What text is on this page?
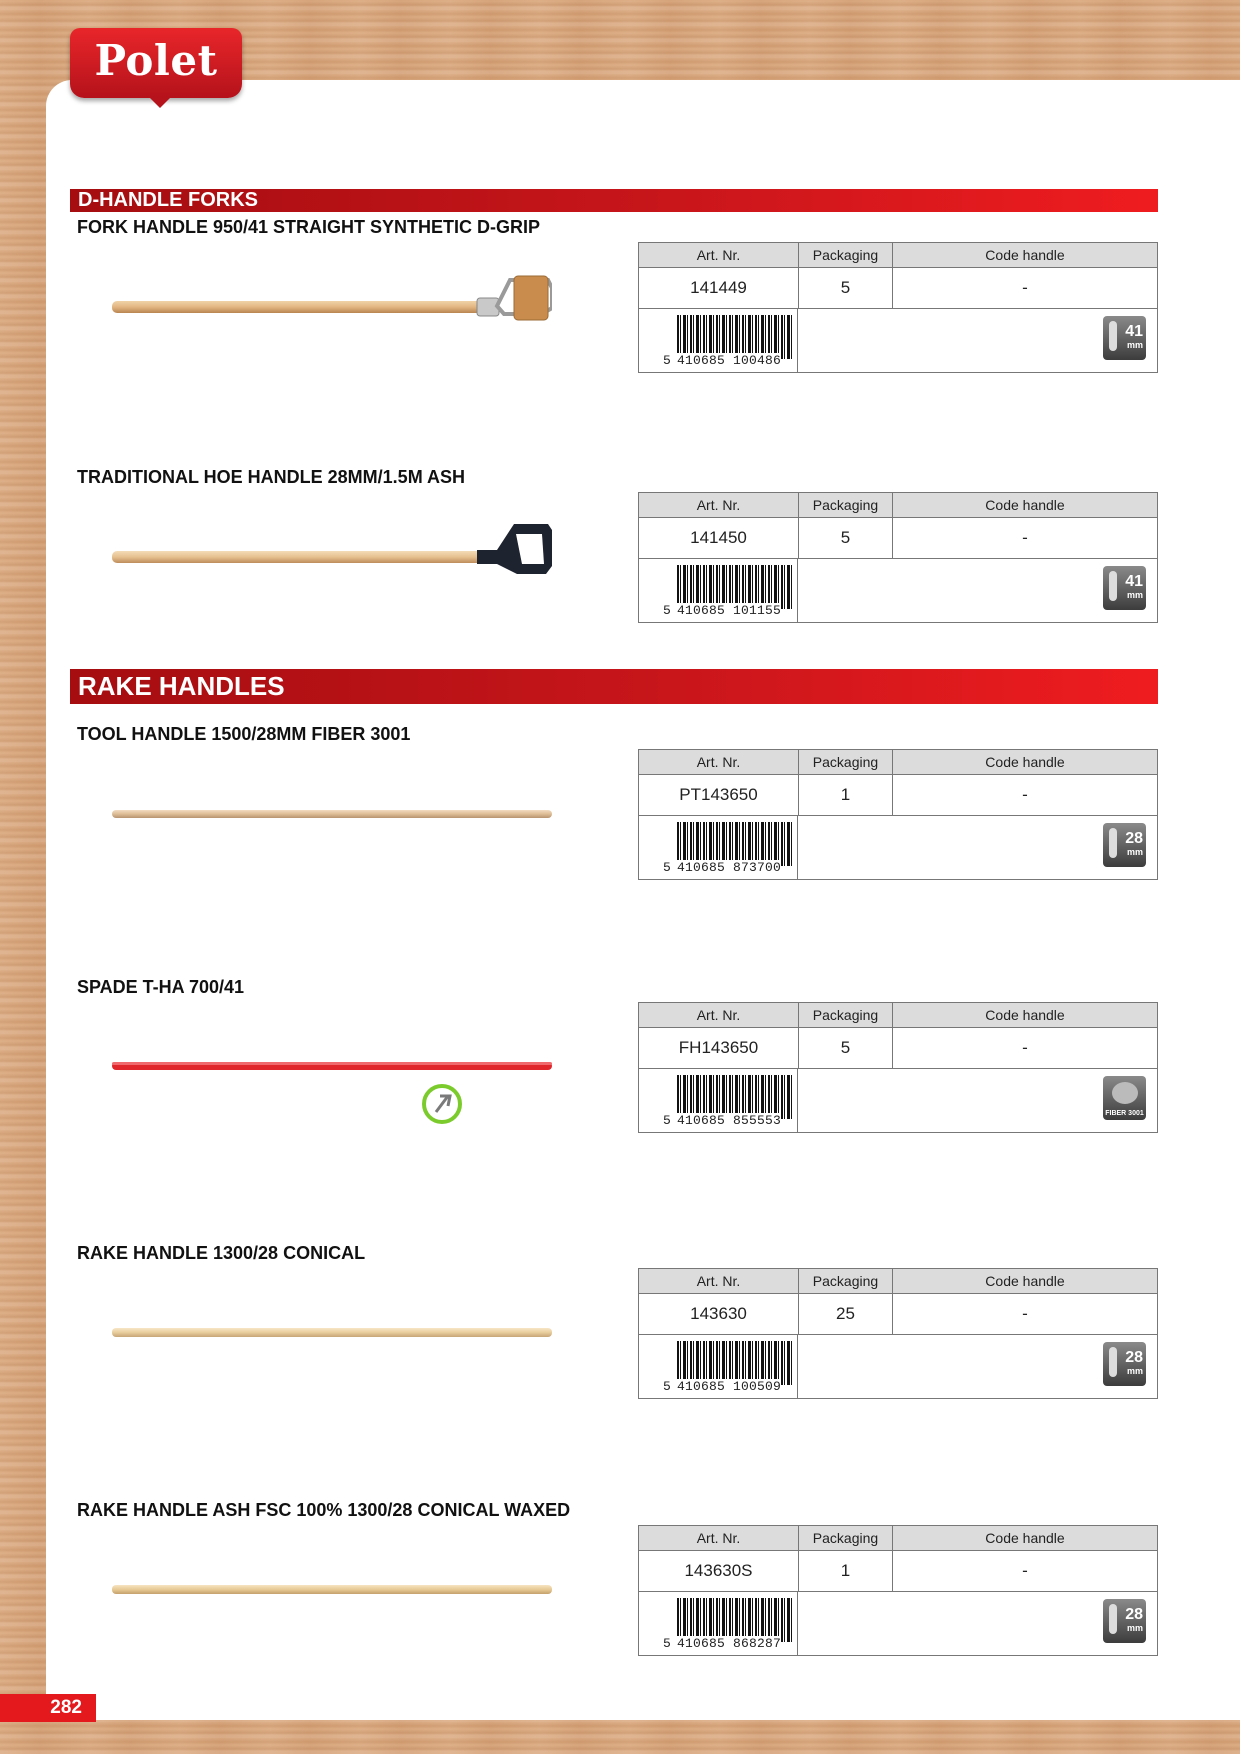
Polet
D-HANDLE FORKS
FORK HANDLE 950/41 STRAIGHT SYNTHETIC D-GRIP
Art. Nr.	Packaging	Code handle
141449	5	-
5 410685 100486
41
mm
TRADITIONAL HOE HANDLE 28MM/1.5M ASH
Art. Nr.	Packaging	Code handle
141450	5	-
5 410685 101155
41
mm
RAKE HANDLES
TOOL HANDLE 1500/28MM FIBER 3001
Art. Nr.	Packaging	Code handle
PT143650	1	-
5 410685 873700
28
mm
SPADE T-HA 700/41
Art. Nr.	Packaging	Code handle
FH143650	5	-
5 410685 855553	FIBER 3001
RAKE HANDLE 1300/28 CONICAL
Art. Nr.	Packaging	Code handle
143630	25	-
5 410685 100509
28
mm
RAKE HANDLE ASH FSC 100% 1300/28 CONICAL WAXED
Art. Nr.	Packaging	Code handle
143630S	1	-
5 410685 868287
28
mm
282
